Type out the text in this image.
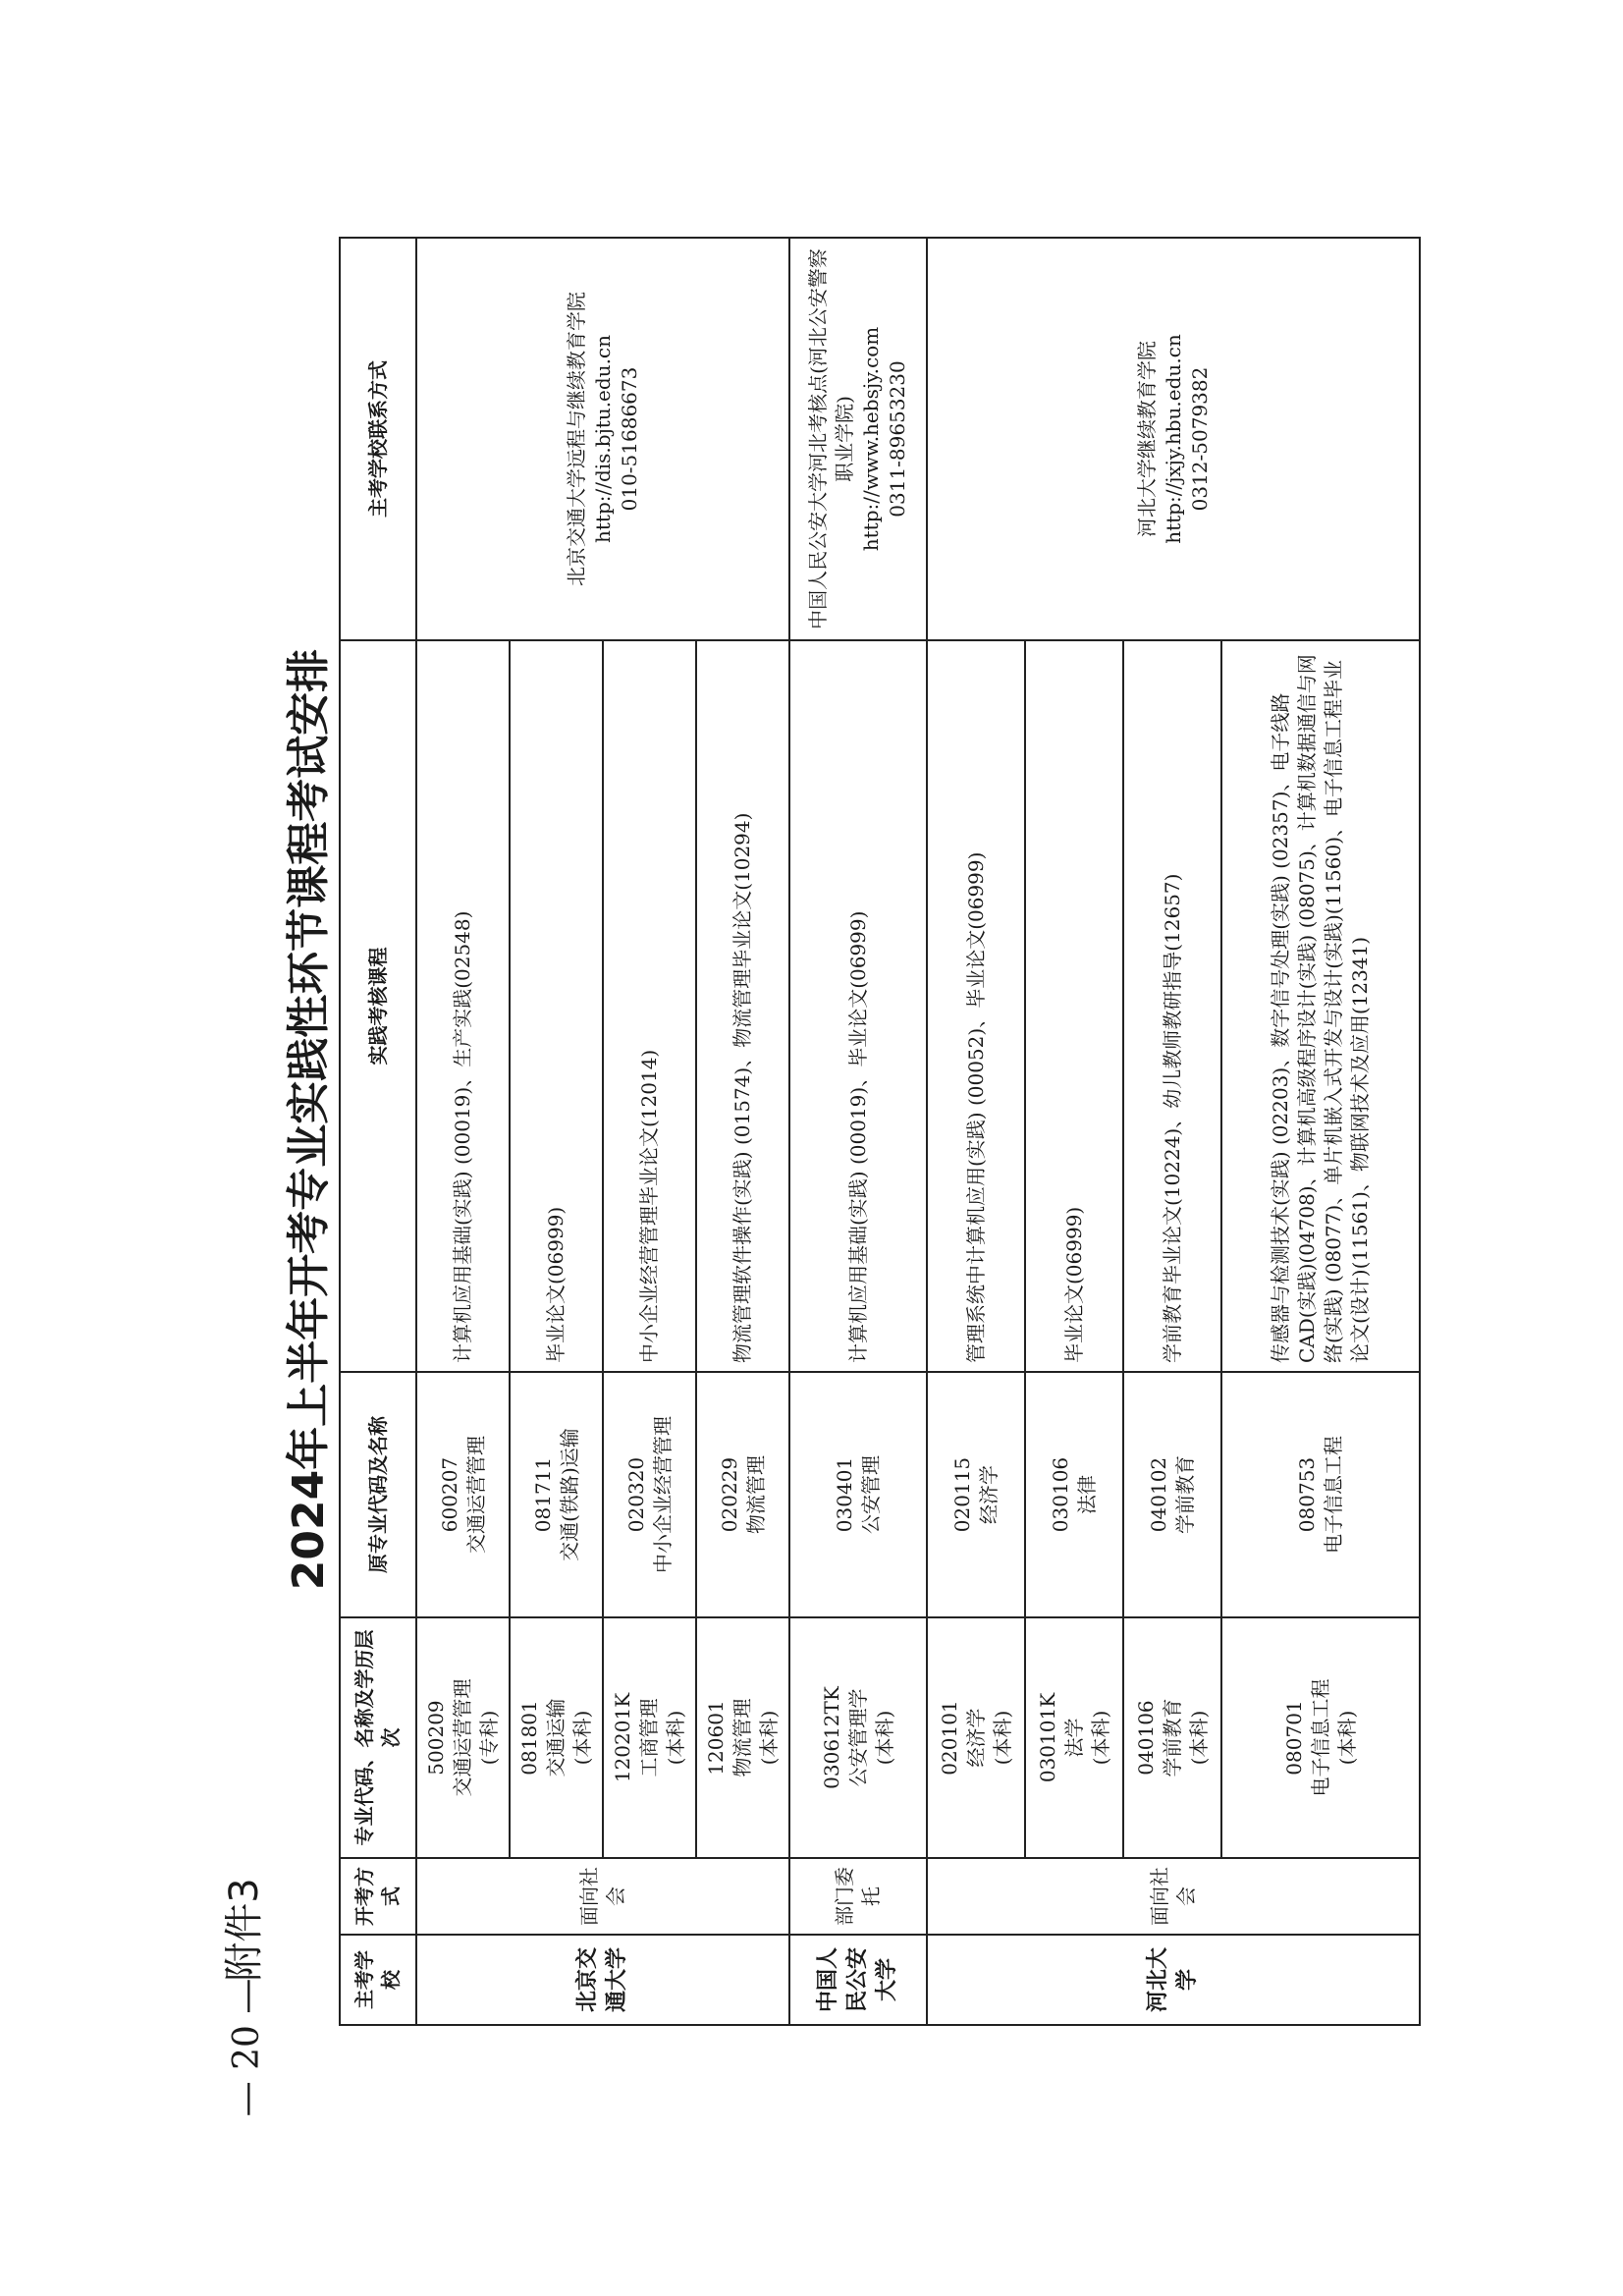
— 20 —
附件3
2024年上半年开考专业实践性环节课程考试安排
主考学校	开考方式	专业代码、名称及学历层次	原专业代码及名称	实践考核课程	主考学校联系方式
北京交通大学	面向社会	500209 交通运营管理 (专科)	600207 交通运营管理	计算机应用基础(实践) (00019)、生产实践(02548)	北京交通大学远程与继续教育学院 http://dis.bjtu.edu.cn 010-51686673

		081801 交通运输 (本科)	081711 交通(铁路)运输	毕业论文(06999)	

		120201K 工商管理 (本科)	020320 中小企业经营管理	中小企业经营管理毕业论文(12014)	

		120601 物流管理 (本科)	020229 物流管理	物流管理软件操作(实践) (01574)、物流管理毕业论文(10294)	
中国人民公安大学	部门委托	030612TK 公安管理学 (本科)	030401 公安管理	计算机应用基础(实践) (00019)、毕业论文(06999)	中国人民公安大学河北考核点(河北公安警察职业学院) http://www.hebsjy.com 0311-89653230

河北大学	面向社会	020101 经济学 (本科)	020115 经济学	管理系统中计算机应用(实践) (00052)、毕业论文(06999)	河北大学继续教育学院 http://jxjy.hbu.edu.cn 0312-5079382

		030101K 法学 (本科)	030106 法律	毕业论文(06999)	

		040106 学前教育 (本科)	040102 学前教育	学前教育毕业论文(10224)、幼儿教师教研指导(12657)	

		080701 电子信息工程 (本科)	080753 电子信息工程	传感器与检测技术(实践) (02203)、数字信号处理(实践) (02357)、电子线路CAD(实践)(04708)、计算机高级程序设计(实践) (08075)、计算机数据通信与网络(实践) (08077)、单片机嵌入式开发与设计(实践)(11560)、电子信息工程毕业论文(设计)(11561)、物联网技术及应用(12341)	
